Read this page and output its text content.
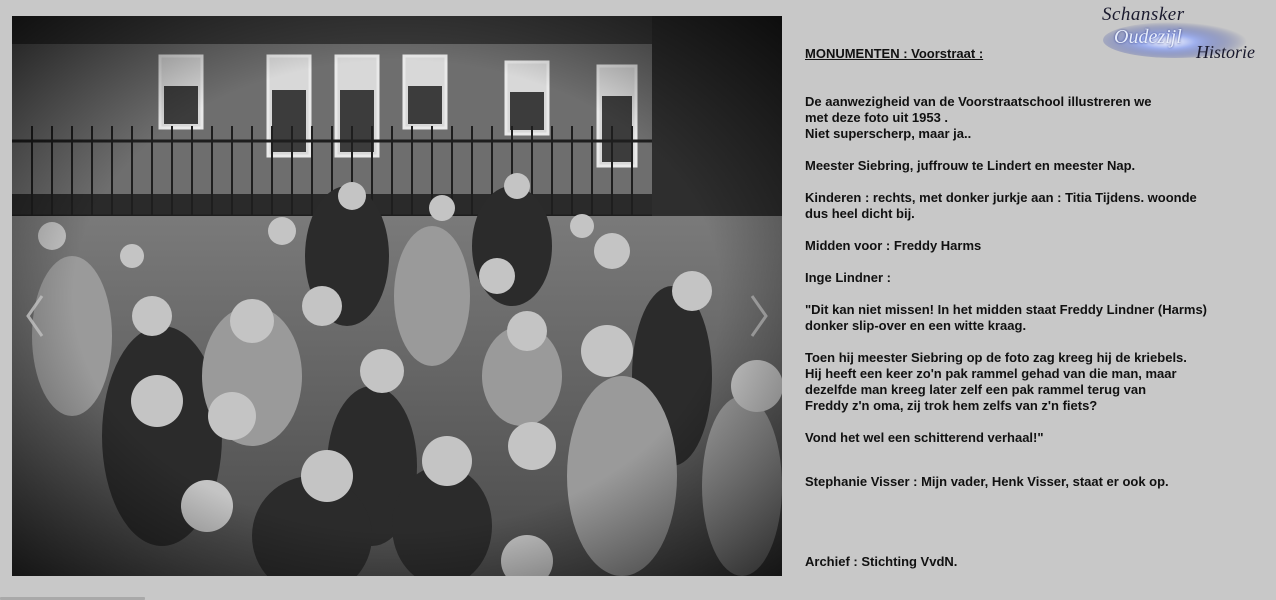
Schansker
Oudezijl
Historie
MONUMENTEN : Voorstraat :
De aanwezigheid van de Voorstraatschool illustreren we
met deze foto uit 1953 .
Niet superscherp, maar ja..
Meester Siebring, juffrouw te Lindert en meester Nap.
Kinderen : rechts, met donker jurkje aan : Titia Tijdens. woonde
dus heel dicht bij.
Midden voor : Freddy Harms
Inge Lindner :
"Dit kan niet missen! In het midden staat Freddy Lindner (Harms)
donker slip-over en een witte kraag.
Toen hij meester Siebring op de foto zag kreeg hij de kriebels.
Hij heeft een keer zo'n pak rammel gehad van die man, maar
dezelfde man kreeg later zelf een pak rammel terug van
Freddy z'n oma, zij trok hem zelfs van z'n fiets?
Vond het wel een schitterend verhaal!"
Stephanie Visser : Mijn vader, Henk Visser, staat er ook op.
Archief : Stichting VvdN.
